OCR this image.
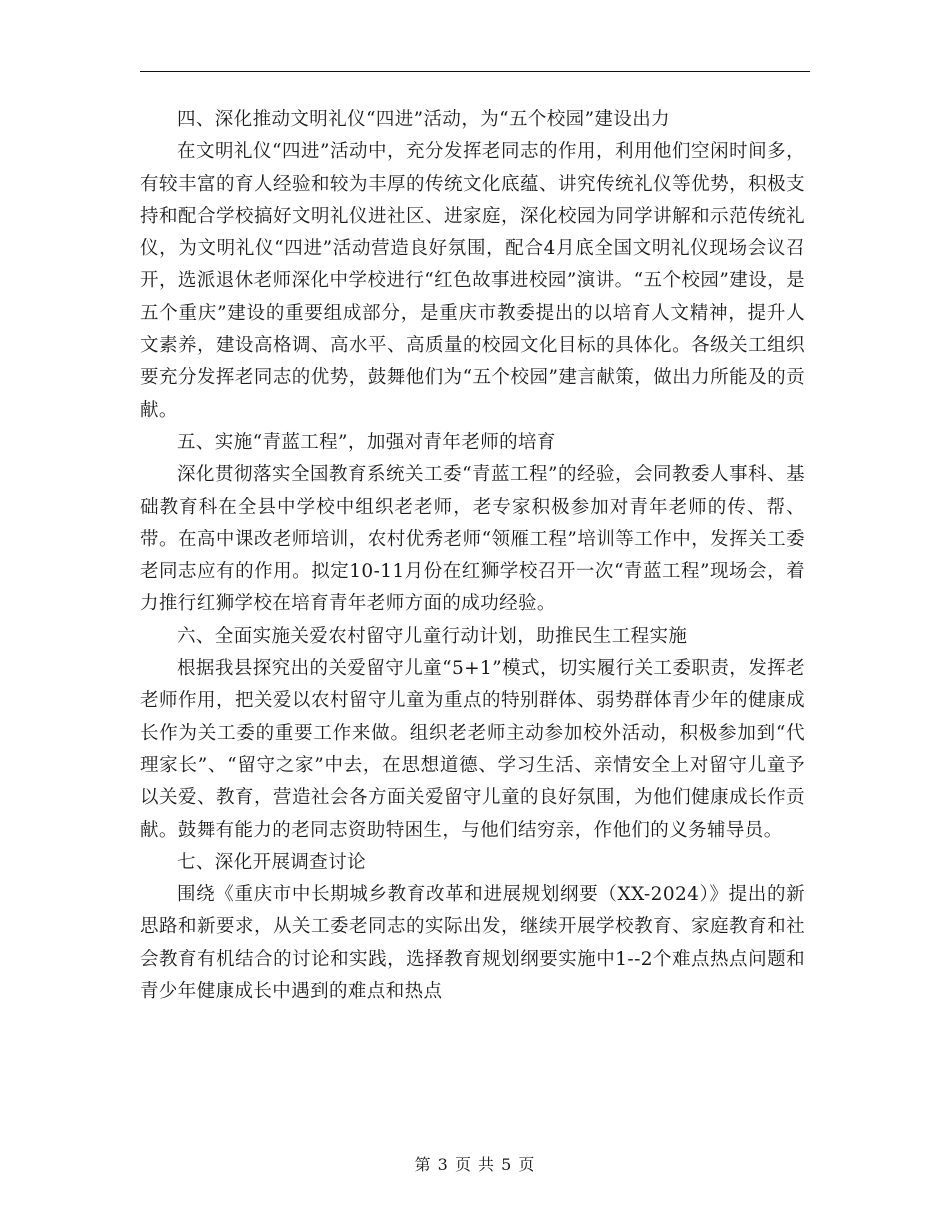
四、深化推动文明礼仪“四进”活动，为“五个校园”建设出力

在文明礼仪“四进”活动中，充分发挥老同志的作用，利用他们空闲时间多，有较丰富的育人经验和较为丰厚的传统文化底蕴、讲究传统礼仪等优势，积极支持和配合学校搞好文明礼仪进社区、进家庭，深化校园为同学讲解和示范传统礼仪，为文明礼仪“四进”活动营造良好氛围，配合4月底全国文明礼仪现场会议召开，选派退休老师深化中学校进行“红色故事进校园”演讲。“五个校园”建设，是五个重庆”建设的重要组成部分，是重庆市教委提出的以培育人文精神，提升人文素养，建设高格调、高水平、高质量的校园文化目标的具体化。各级关工组织要充分发挥老同志的优势，鼓舞他们为“五个校园”建言献策，做出力所能及的贡献。

五、实施“青蓝工程”，加强对青年老师的培育

深化贯彻落实全国教育系统关工委“青蓝工程”的经验，会同教委人事科、基础教育科在全县中学校中组织老老师，老专家积极参加对青年老师的传、帮、带。在高中课改老师培训，农村优秀老师“领雁工程”培训等工作中，发挥关工委老同志应有的作用。拟定10-11月份在红狮学校召开一次“青蓝工程”现场会，着力推行红狮学校在培育青年老师方面的成功经验。

六、全面实施关爱农村留守儿童行动计划，助推民生工程实施

根据我县探究出的关爱留守儿童“5+1”模式，切实履行关工委职责，发挥老老师作用，把关爱以农村留守儿童为重点的特别群体、弱势群体青少年的健康成长作为关工委的重要工作来做。组织老老师主动参加校外活动，积极参加到“代理家长”、“留守之家”中去，在思想道德、学习生活、亲情安全上对留守儿童予以关爱、教育，营造社会各方面关爱留守儿童的良好氛围，为他们健康成长作贡献。鼓舞有能力的老同志资助特困生，与他们结穷亲，作他们的义务辅导员。

七、深化开展调查讨论

围绕《重庆市中长期城乡教育改革和进展规划纲要（XX-2024）》提出的新思路和新要求，从关工委老同志的实际出发，继续开展学校教育、家庭教育和社会教育有机结合的讨论和实践，选择教育规划纲要实施中1--2个难点热点问题和青少年健康成长中遇到的难点和热点

第 3 页 共 5 页
